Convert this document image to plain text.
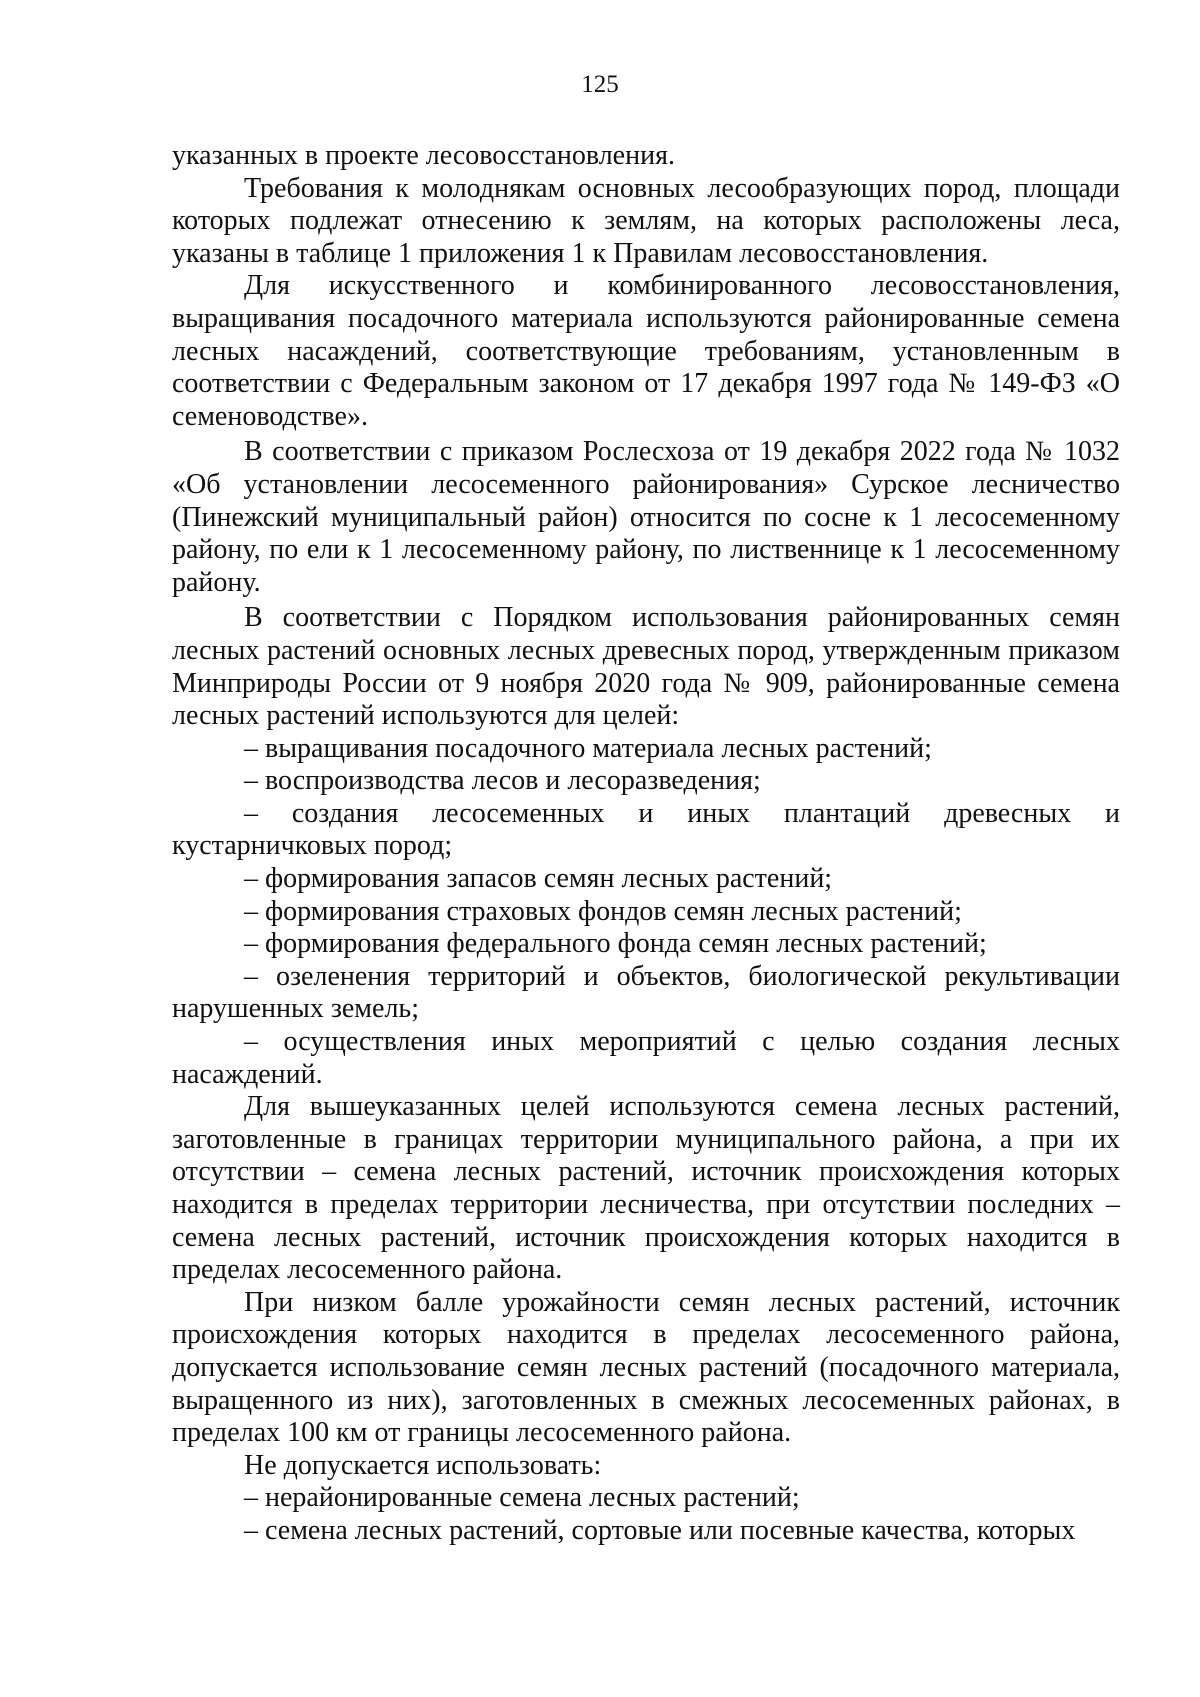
125

указанных в проекте лесовосстановления.

Требования к молоднякам основных лесообразующих пород, площади которых подлежат отнесению к землям, на которых расположены леса, указаны в таблице 1 приложения 1 к Правилам лесовосстановления.

Для искусственного и комбинированного лесовосстановления, выращивания посадочного материала используются районированные семена лесных насаждений, соответствующие требованиям, установленным в соответствии с Федеральным законом от 17 декабря 1997 года № 149-ФЗ «О семеноводстве».

В соответствии с приказом Рослесхоза от 19 декабря 2022 года № 1032 «Об установлении лесосеменного районирования» Сурское лесничество (Пинежский муниципальный район) относится по сосне к 1 лесосеменному району, по ели к 1 лесосеменному району, по лиственнице к 1 лесосеменному району.

В соответствии с Порядком использования районированных семян лесных растений основных лесных древесных пород, утвержденным приказом Минприроды России от 9 ноября 2020 года № 909, районированные семена лесных растений используются для целей:

– выращивания посадочного материала лесных растений;

– воспроизводства лесов и лесоразведения;

– создания лесосеменных и иных плантаций древесных и кустарничковых пород;

– формирования запасов семян лесных растений;

– формирования страховых фондов семян лесных растений;

– формирования федерального фонда семян лесных растений;

– озеленения территорий и объектов, биологической рекультивации нарушенных земель;

– осуществления иных мероприятий с целью создания лесных насаждений.

Для вышеуказанных целей используются семена лесных растений, заготовленные в границах территории муниципального района, а при их отсутствии – семена лесных растений, источник происхождения которых находится в пределах территории лесничества, при отсутствии последних – семена лесных растений, источник происхождения которых находится в пределах лесосеменного района.

При низком балле урожайности семян лесных растений, источник происхождения которых находится в пределах лесосеменного района, допускается использование семян лесных растений (посадочного материала, выращенного из них), заготовленных в смежных лесосеменных районах, в пределах 100 км от границы лесосеменного района.

Не допускается использовать:

– нерайонированные семена лесных растений;

– семена лесных растений, сортовые или посевные качества, которых
